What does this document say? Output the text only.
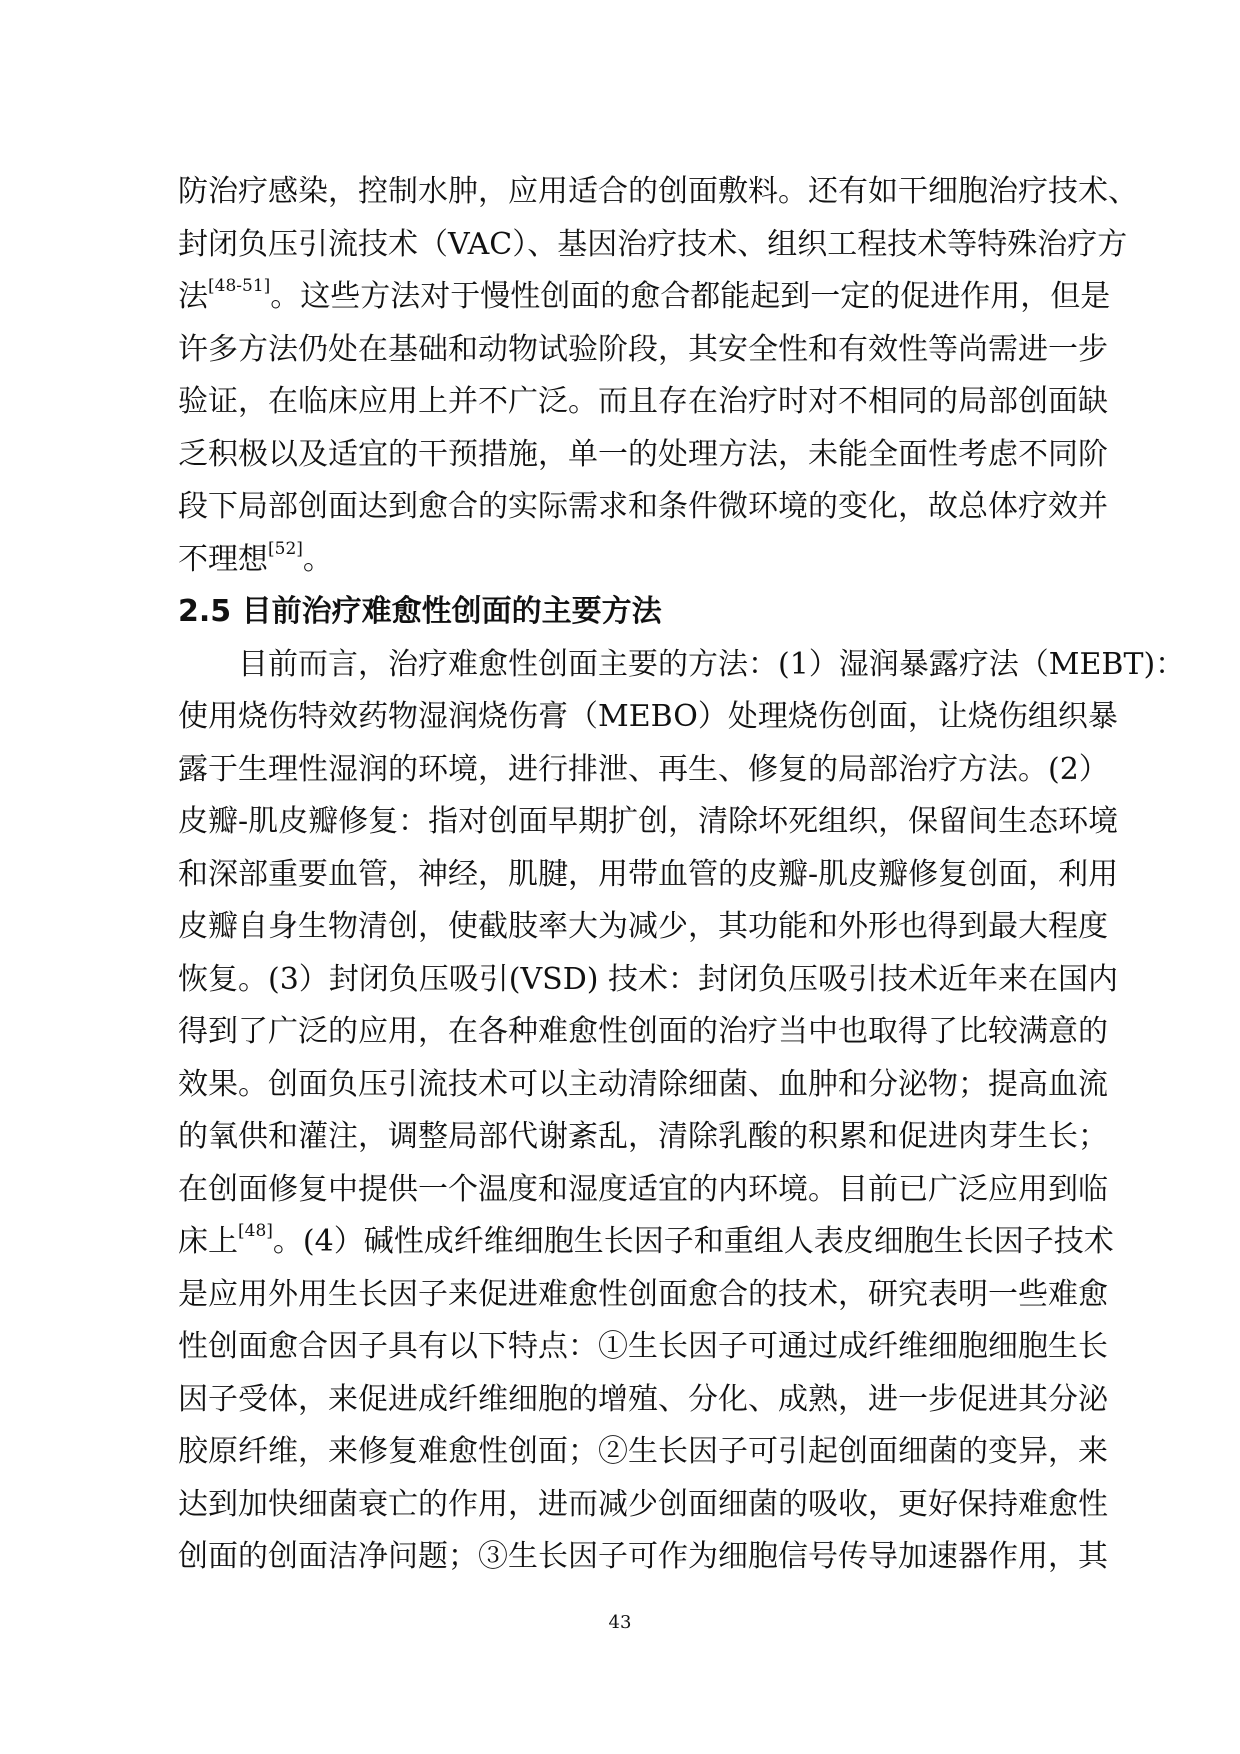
防治疗感染，控制水肿，应用适合的创面敷料。还有如干细胞治疗技术、
封闭负压引流技术（VAC）、基因治疗技术、组织工程技术等特殊治疗方
法[48-51]。这些方法对于慢性创面的愈合都能起到一定的促进作用，但是
许多方法仍处在基础和动物试验阶段，其安全性和有效性等尚需进一步
验证，在临床应用上并不广泛。而且存在治疗时对不相同的局部创面缺
乏积极以及适宜的干预措施，单一的处理方法，未能全面性考虑不同阶
段下局部创面达到愈合的实际需求和条件微环境的变化，故总体疗效并
不理想[52]。
2.5 目前治疗难愈性创面的主要方法
目前而言，治疗难愈性创面主要的方法：(1）湿润暴露疗法（MEBT)：
使用烧伤特效药物湿润烧伤膏（MEBO）处理烧伤创面，让烧伤组织暴
露于生理性湿润的环境，进行排泄、再生、修复的局部治疗方法。(2）
皮瓣-肌皮瓣修复：指对创面早期扩创，清除坏死组织，保留间生态环境
和深部重要血管，神经，肌腱，用带血管的皮瓣-肌皮瓣修复创面，利用
皮瓣自身生物清创，使截肢率大为减少，其功能和外形也得到最大程度
恢复。(3）封闭负压吸引(VSD) 技术：封闭负压吸引技术近年来在国内
得到了广泛的应用，在各种难愈性创面的治疗当中也取得了比较满意的
效果。创面负压引流技术可以主动清除细菌、血肿和分泌物；提高血流
的氧供和灌注，调整局部代谢紊乱，清除乳酸的积累和促进肉芽生长；
在创面修复中提供一个温度和湿度适宜的内环境。目前已广泛应用到临
床上[48]。(4）碱性成纤维细胞生长因子和重组人表皮细胞生长因子技术
是应用外用生长因子来促进难愈性创面愈合的技术，研究表明一些难愈
性创面愈合因子具有以下特点：①生长因子可通过成纤维细胞细胞生长
因子受体，来促进成纤维细胞的增殖、分化、成熟，进一步促进其分泌
胶原纤维，来修复难愈性创面；②生长因子可引起创面细菌的变异，来
达到加快细菌衰亡的作用，进而减少创面细菌的吸收，更好保持难愈性
创面的创面洁净问题；③生长因子可作为细胞信号传导加速器作用，其
43
